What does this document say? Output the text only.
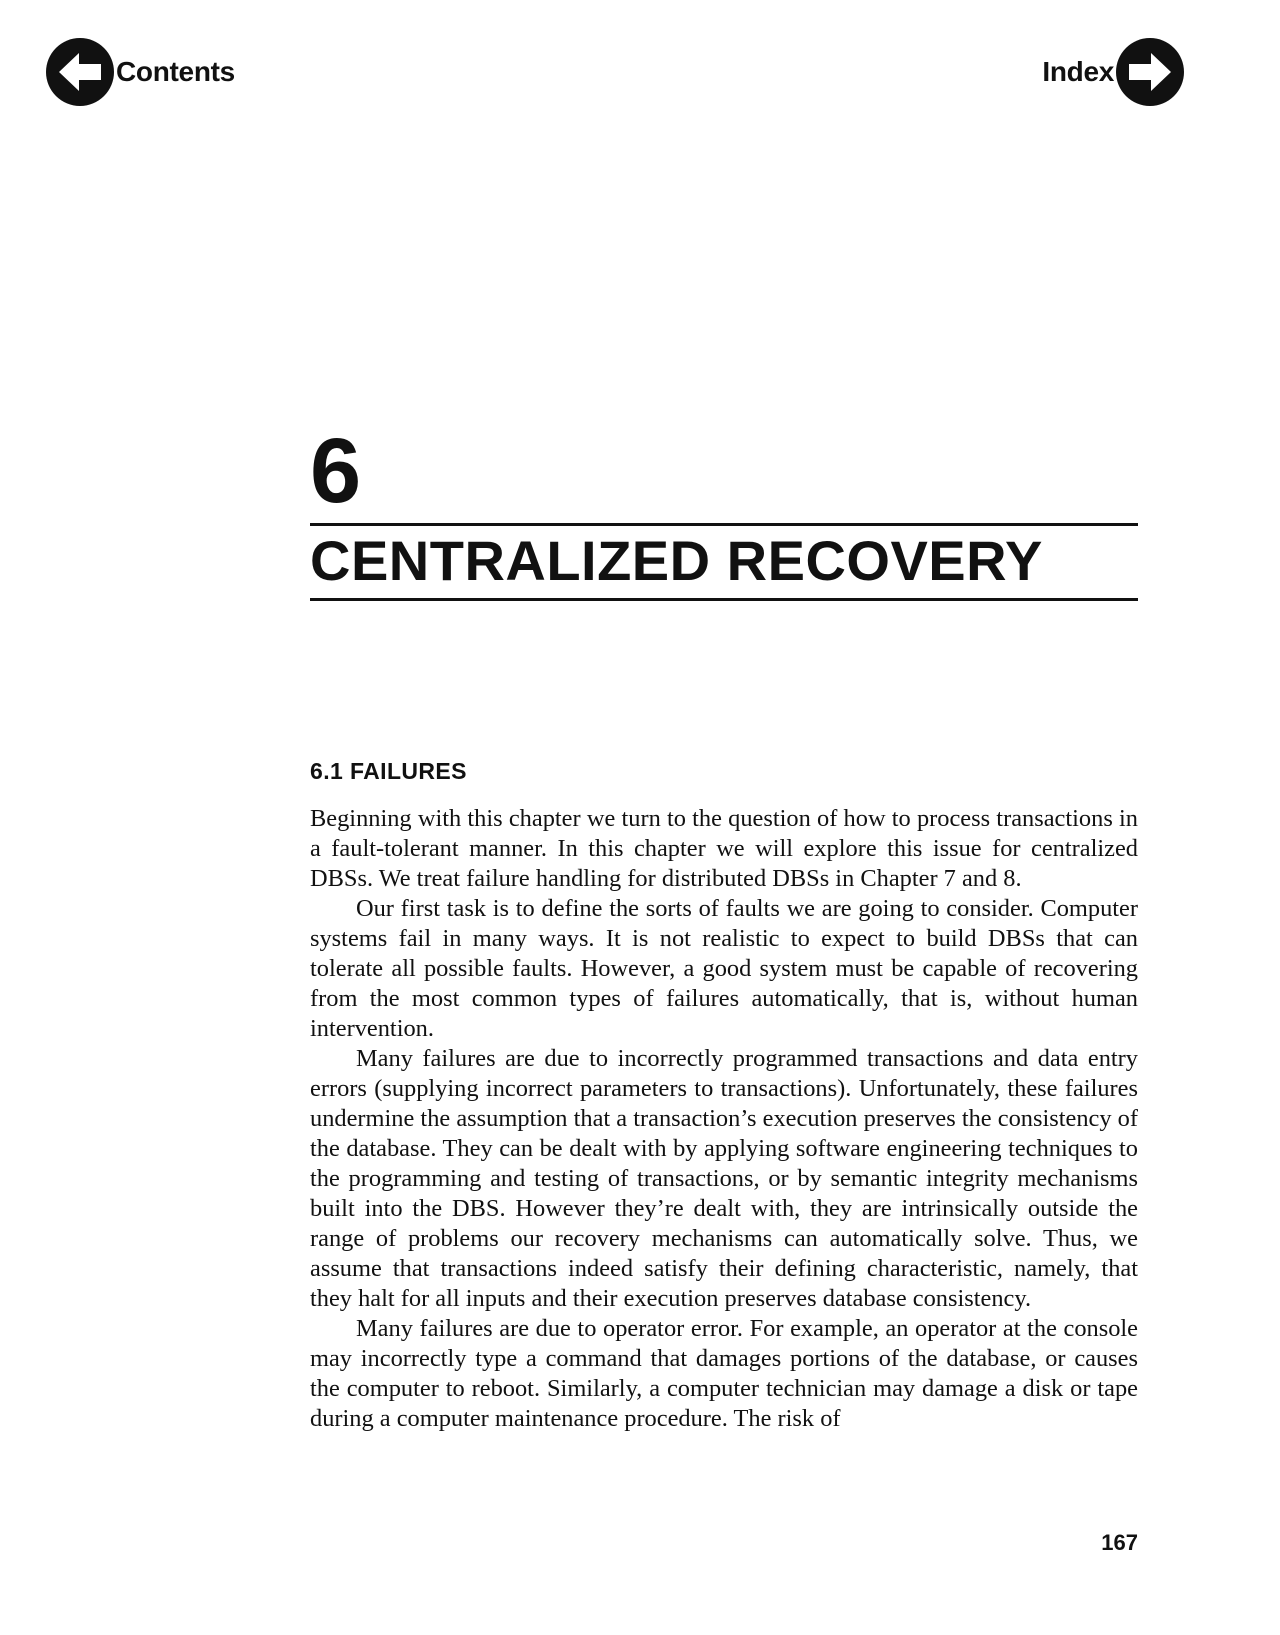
Contents	Index
6
CENTRALIZED RECOVERY
6.1 FAILURES

Beginning with this chapter we turn to the question of how to process transactions in a fault-tolerant manner. In this chapter we will explore this issue for centralized DBSs. We treat failure handling for distributed DBSs in Chapter 7 and 8.

Our first task is to define the sorts of faults we are going to consider. Computer systems fail in many ways. It is not realistic to expect to build DBSs that can tolerate all possible faults. However, a good system must be capable of recovering from the most common types of failures automatically, that is, without human intervention.

Many failures are due to incorrectly programmed transactions and data entry errors (supplying incorrect parameters to transactions). Unfortunately, these failures undermine the assumption that a transaction’s execution preserves the consistency of the database. They can be dealt with by applying software engineering techniques to the programming and testing of transactions, or by semantic integrity mechanisms built into the DBS. However they’re dealt with, they are intrinsically outside the range of problems our recovery mechanisms can automatically solve. Thus, we assume that transactions indeed satisfy their defining characteristic, namely, that they halt for all inputs and their execution preserves database consistency.

Many failures are due to operator error. For example, an operator at the console may incorrectly type a command that damages portions of the database, or causes the computer to reboot. Similarly, a computer technician may damage a disk or tape during a computer maintenance procedure. The risk of

167
